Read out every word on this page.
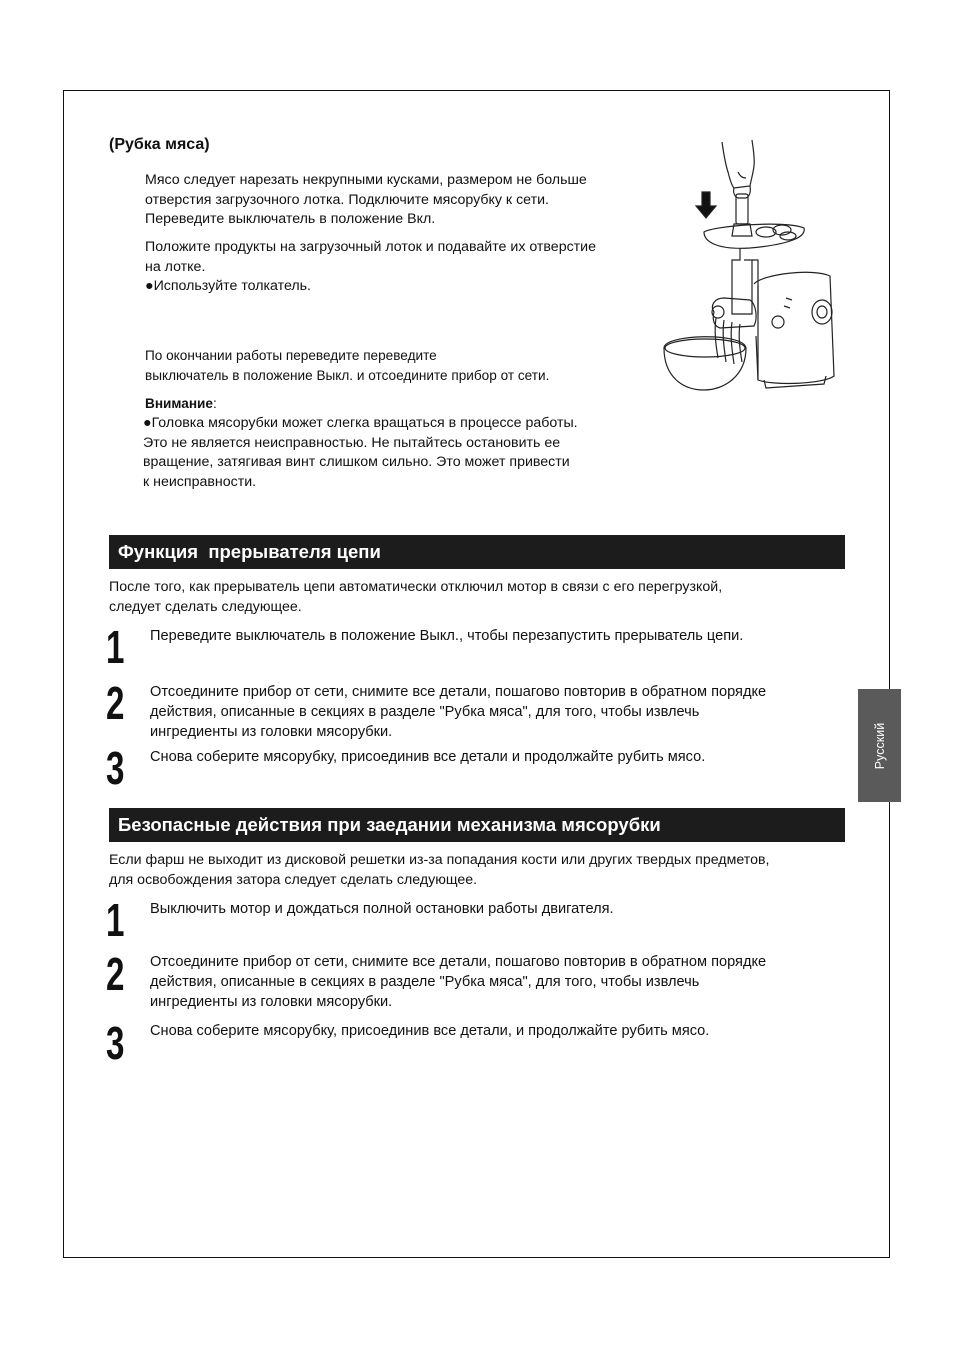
(Рубка мяса)
Мясо следует нарезать некрупными кусками, размером не больше
отверстия загрузочного лотка. Подключите мясорубку к сети.
Переведите выключатель в положение Вкл.
Положите продукты на загрузочный лоток и подавайте их отверстие
на лотке.
●Используйте толкатель.
По окончании работы переведите переведите
выключатель в положение Выкл. и отсоедините прибор от сети.
Внимание:
●Головка мясорубки может слегка вращаться в процессе работы.
Это не является неисправностью. Не пытайтесь остановить ее
вращение, затягивая винт слишком сильно. Это может привести
к неисправности.
Функция  прерывателя цепи
После того, как прерыватель цепи автоматически отключил мотор в связи с его перегрузкой,
следует сделать следующее.
1 Переведите выключатель в положение Выкл., чтобы перезапустить прерыватель цепи.
2 Отсоедините прибор от сети, снимите все детали, пошагово повторив в обратном порядке
действия, описанные в секциях в разделе "Рубка мяса", для того, чтобы извлечь
ингредиенты из головки мясорубки.
3 Снова соберите мясорубку, присоединив все детали и продолжайте рубить мясо.
Безопасные действия при заедании механизма мясорубки
Если фарш не выходит из дисковой решетки из-за попадания кости или других твердых предметов,
для освобождения затора следует сделать следующее.
1 Выключить мотор и дождаться полной остановки работы двигателя.
2 Отсоедините прибор от сети, снимите все детали, пошагово повторив в обратном порядке
действия, описанные в секциях в разделе "Рубка мяса", для того, чтобы извлечь
ингредиенты из головки мясорубки.
3 Снова соберите мясорубку, присоединив все детали, и продолжайте рубить мясо.
Русский
